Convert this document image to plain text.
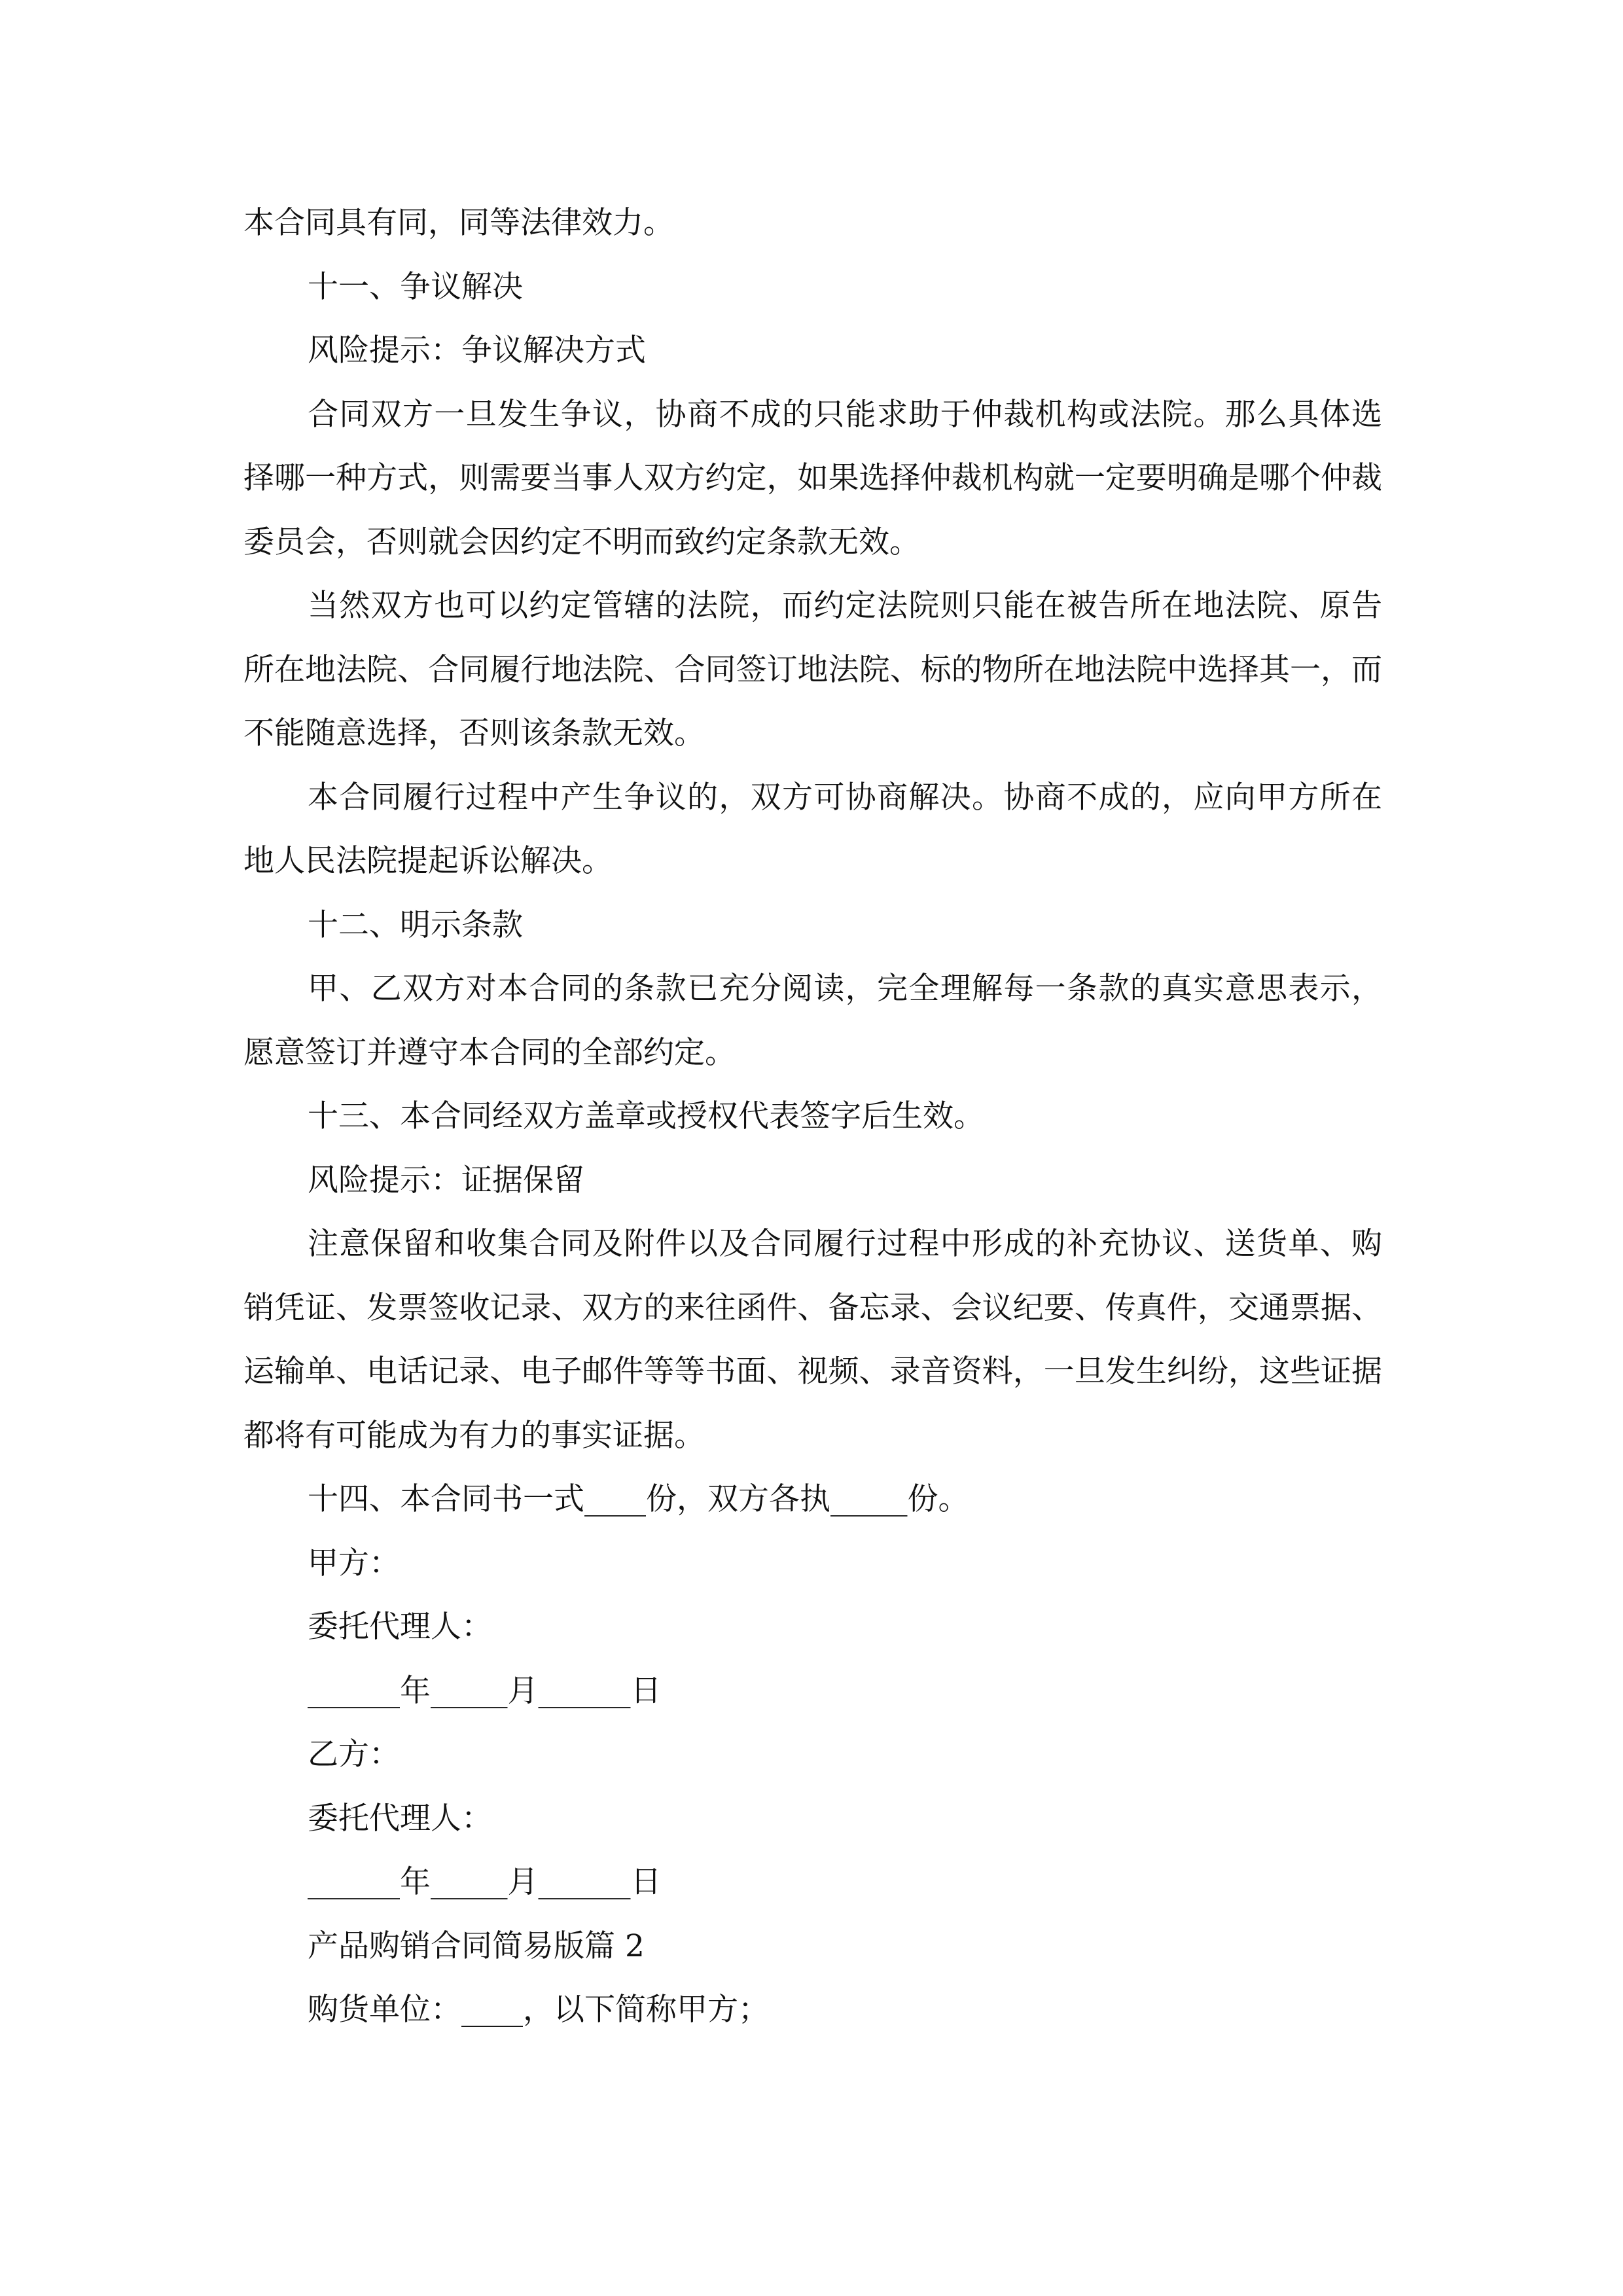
本合同具有同，同等法律效力。

十一、争议解决

风险提示：争议解决方式

合同双方一旦发生争议，协商不成的只能求助于仲裁机构或法院。那么具体选择哪一种方式，则需要当事人双方约定，如果选择仲裁机构就一定要明确是哪个仲裁委员会，否则就会因约定不明而致约定条款无效。

当然双方也可以约定管辖的法院，而约定法院则只能在被告所在地法院、原告所在地法院、合同履行地法院、合同签订地法院、标的物所在地法院中选择其一，而不能随意选择，否则该条款无效。

本合同履行过程中产生争议的，双方可协商解决。协商不成的，应向甲方所在地人民法院提起诉讼解决。

十二、明示条款

甲、乙双方对本合同的条款已充分阅读，完全理解每一条款的真实意思表示，愿意签订并遵守本合同的全部约定。

十三、本合同经双方盖章或授权代表签字后生效。

风险提示：证据保留

注意保留和收集合同及附件以及合同履行过程中形成的补充协议、送货单、购销凭证、发票签收记录、双方的来往函件、备忘录、会议纪要、传真件，交通票据、运输单、电话记录、电子邮件等等书面、视频、录音资料，一旦发生纠纷，这些证据都将有可能成为有力的事实证据。

十四、本合同书一式____份，双方各执_____份。

甲方：

委托代理人：

______年_____月______日

乙方：

委托代理人：

______年_____月______日

产品购销合同简易版篇 2

购货单位：____，以下简称甲方；
